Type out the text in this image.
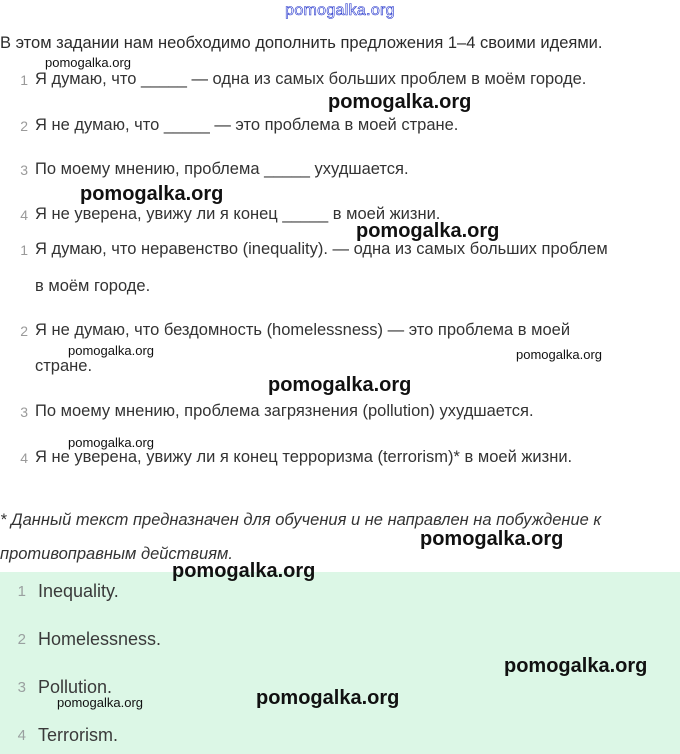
pomogalka.org
В этом задании нам необходимо дополнить предложения 1–4 своими идеями.
1 Я думаю, что _____ — одна из самых больших проблем в моём городе.
2 Я не думаю, что _____ — это проблема в моей стране.
3 По моему мнению, проблема _____ ухудшается.
4 Я не уверена, увижу ли я конец _____ в моей жизни.
1 Я думаю, что неравенство (inequality). — одна из самых больших проблем
в моём городе.
2 Я не думаю, что бездомность (homelessness) — это проблема в моей
стране.
3 По моему мнению, проблема загрязнения (pollution) ухудшается.
4 Я не уверена, увижу ли я конец терроризма (terrorism)* в моей жизни.
* Данный текст предназначен для обучения и не направлен на побуждение к
противоправным действиям.
1 Inequality.
2 Homelessness.
3 Pollution.
4 Terrorism.
pomogalka.org
pomogalka.org
pomogalka.org
pomogalka.org
pomogalka.org	pomogalka.org
pomogalka.org
pomogalka.org
pomogalka.org
pomogalka.org
pomogalka.org
pomogalka.org
pomogalka.org
